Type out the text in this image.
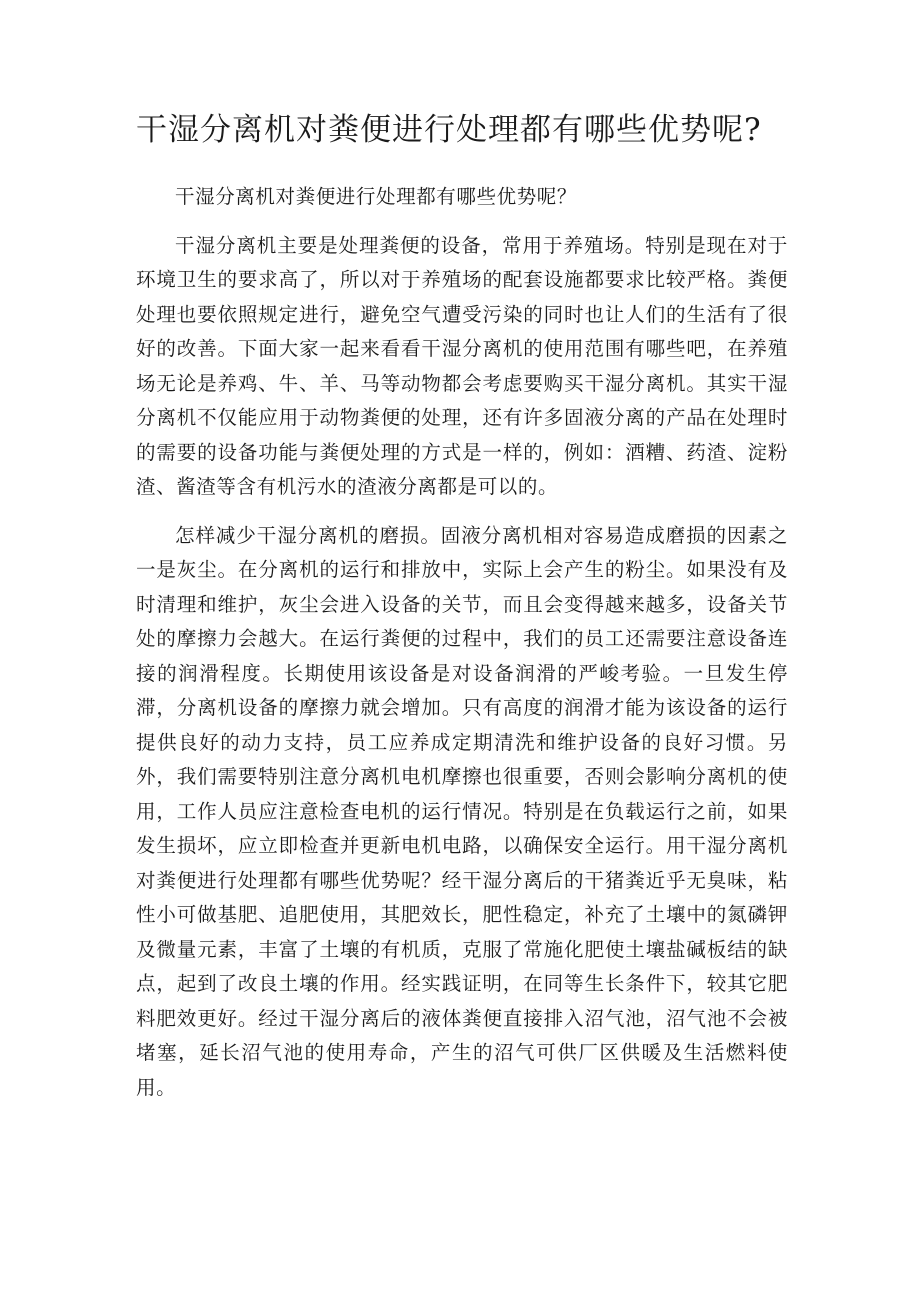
干湿分离机对粪便进行处理都有哪些优势呢?

干湿分离机对粪便进行处理都有哪些优势呢？

干湿分离机主要是处理粪便的设备，常用于养殖场。特别是现在对于环境卫生的要求高了，所以对于养殖场的配套设施都要求比较严格。粪便处理也要依照规定进行，避免空气遭受污染的同时也让人们的生活有了很好的改善。下面大家一起来看看干湿分离机的使用范围有哪些吧，在养殖场无论是养鸡、牛、羊、马等动物都会考虑要购买干湿分离机。其实干湿分离机不仅能应用于动物粪便的处理，还有许多固液分离的产品在处理时的需要的设备功能与粪便处理的方式是一样的，例如：酒糟、药渣、淀粉渣、酱渣等含有机污水的渣液分离都是可以的。

怎样减少干湿分离机的磨损。固液分离机相对容易造成磨损的因素之一是灰尘。在分离机的运行和排放中，实际上会产生的粉尘。如果没有及时清理和维护，灰尘会进入设备的关节，而且会变得越来越多，设备关节处的摩擦力会越大。在运行粪便的过程中，我们的员工还需要注意设备连接的润滑程度。长期使用该设备是对设备润滑的严峻考验。一旦发生停滞，分离机设备的摩擦力就会增加。只有高度的润滑才能为该设备的运行提供良好的动力支持，员工应养成定期清洗和维护设备的良好习惯。另外，我们需要特别注意分离机电机摩擦也很重要，否则会影响分离机的使用，工作人员应注意检查电机的运行情况。特别是在负载运行之前，如果发生损坏，应立即检查并更新电机电路，以确保安全运行。用干湿分离机对粪便进行处理都有哪些优势呢？经干湿分离后的干猪粪近乎无臭味，粘性小可做基肥、追肥使用，其肥效长，肥性稳定，补充了土壤中的氮磷钾及微量元素，丰富了土壤的有机质，克服了常施化肥使土壤盐碱板结的缺点，起到了改良土壤的作用。经实践证明，在同等生长条件下，较其它肥料肥效更好。经过干湿分离后的液体粪便直接排入沼气池，沼气池不会被堵塞，延长沼气池的使用寿命，产生的沼气可供厂区供暖及生活燃料使用。
